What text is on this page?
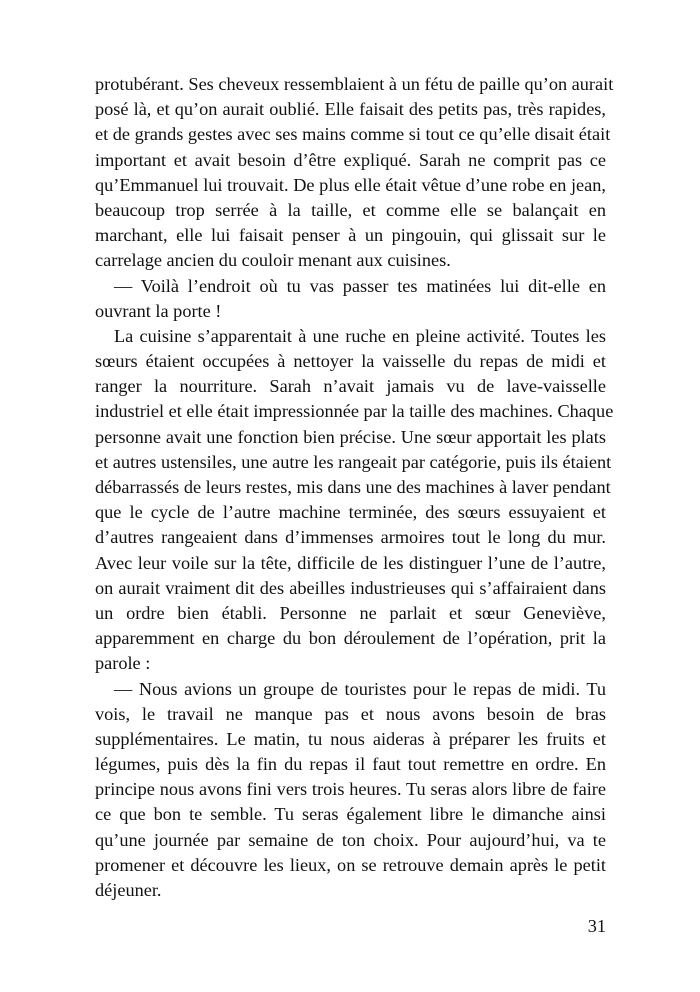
protubérant. Ses cheveux ressemblaient à un fétu de paille qu’on aurait
posé là, et qu’on aurait oublié. Elle faisait des petits pas, très rapides,
et de grands gestes avec ses mains comme si tout ce qu’elle disait était
important et avait besoin d’être expliqué. Sarah ne comprit pas ce
qu’Emmanuel lui trouvait. De plus elle était vêtue d’une robe en jean,
beaucoup trop serrée à la taille, et comme elle se balançait en
marchant, elle lui faisait penser à un pingouin, qui glissait sur le
carrelage ancien du couloir menant aux cuisines.
— Voilà l’endroit où tu vas passer tes matinées lui dit-elle en
ouvrant la porte !
La cuisine s’apparentait à une ruche en pleine activité. Toutes les
sœurs étaient occupées à nettoyer la vaisselle du repas de midi et
ranger la nourriture. Sarah n’avait jamais vu de lave-vaisselle
industriel et elle était impressionnée par la taille des machines. Chaque
personne avait une fonction bien précise. Une sœur apportait les plats
et autres ustensiles, une autre les rangeait par catégorie, puis ils étaient
débarrassés de leurs restes, mis dans une des machines à laver pendant
que le cycle de l’autre machine terminée, des sœurs essuyaient et
d’autres rangeaient dans d’immenses armoires tout le long du mur.
Avec leur voile sur la tête, difficile de les distinguer l’une de l’autre,
on aurait vraiment dit des abeilles industrieuses qui s’affairaient dans
un ordre bien établi. Personne ne parlait et sœur Geneviève,
apparemment en charge du bon déroulement de l’opération, prit la
parole :
— Nous avions un groupe de touristes pour le repas de midi. Tu
vois, le travail ne manque pas et nous avons besoin de bras
supplémentaires. Le matin, tu nous aideras à préparer les fruits et
légumes, puis dès la fin du repas il faut tout remettre en ordre. En
principe nous avons fini vers trois heures. Tu seras alors libre de faire
ce que bon te semble. Tu seras également libre le dimanche ainsi
qu’une journée par semaine de ton choix. Pour aujourd’hui, va te
promener et découvre les lieux, on se retrouve demain après le petit
déjeuner.
31
